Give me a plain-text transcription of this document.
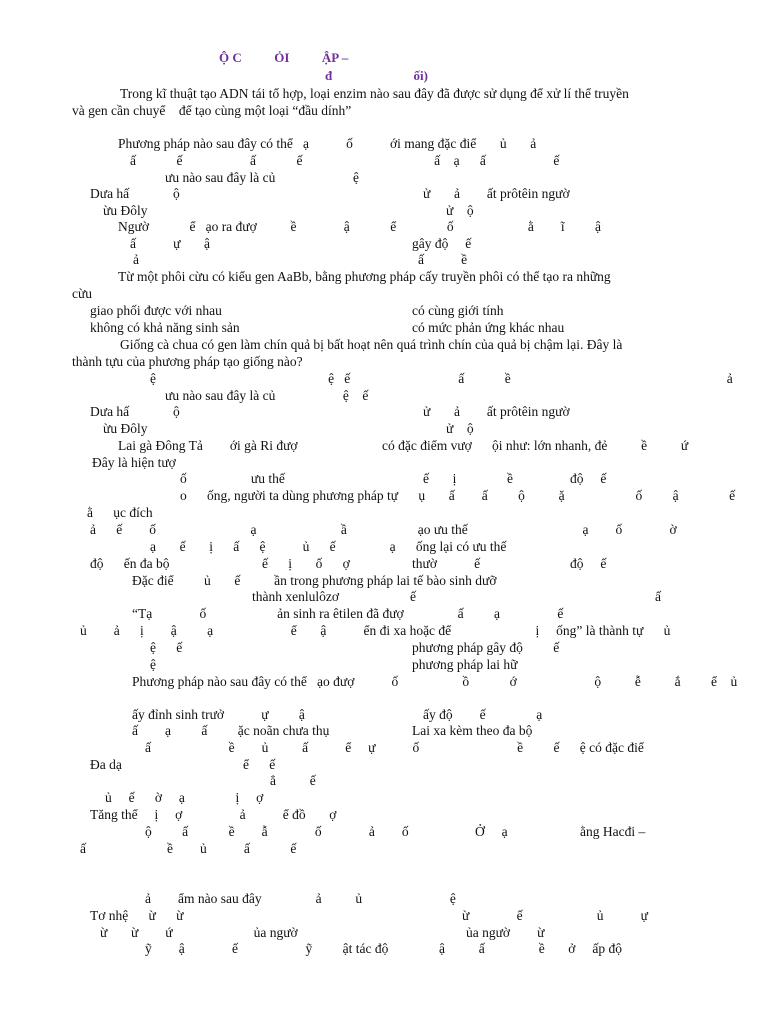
Ộ C          ỎI          ẬP –
đ                         ối)
Trong kĩ thuật tạo ADN tái tổ hợp, loại enzim nào sau đây đã được sử dụng để xử lí thể truyền
và gen cần chuyể    để tạo cùng một loại “đầu dính”
Phương pháp nào sau đây có thể   ạ           ố           ới mang đặc điể       ủ       ả
ấ            ế                    ấ            ế                                       ấ    ạ      ấ                    ế
ưu nào sau đây là củ                       ệ
Dưa hấ             ộ	ử       ả        ất prôtêin ngườ
ừu Đôly	ử    ộ
Ngườ            ể   ạo ra đượ          ề              ậ            ể               ố                      ằ        ĩ         ậ
ấ           ự       ậ	gây độ     ế
ả	ấ           ề
Từ một phôi cừu có kiểu gen AaBb, bằng phương pháp cấy truyền phôi có thể tạo ra những
cừu
giao phối được với nhau	có cùng giới tính
không có khả năng sinh sản	có mức phản ứng khác nhau
Giống cà chua có gen làm chín quả bị bất hoạt nên quá trình chín của quả bị chậm lại. Đây là
thành tựu của phương pháp tạo giống nào?
ệ                                                   ệ   ế                                ấ            ề                                                                ả
ưu nào sau đây là củ                    ệ    ế
Dưa hấ             ộ	ử       ả        ất prôtêin ngườ
ừu Đôly	ử    ộ
Lai gà Đông Tả        ới gà Ri đượ	có đặc điểm vượ      ội như: lớn nhanh, đẻ          ề          ứ
Đây là hiện tượ
ố                   ưu thế	ế       ị               ề	độ     ế
o      ống, người ta dùng phương pháp tự      ụ       ấ        ấ         ộ          ặ                     ố         ậ               ế
ằ      ục đích
ả      ế        ố                            ạ                         ầ                     ạo ưu thế                                  ạ        ố              ờ
ạ       ế       ị      ấ      ệ           ủ      ế                ạ      ống lại có ưu thế
độ      ến đa bộ	ế      ị       ố      ợ	thườ           ế	độ     ế
Đặc điể         ủ       ế          ần trong phương pháp lai tế bào sinh dưỡ
ế	ấ
thành xenlulôzơ
“Tạ              ố                     ản sinh ra êtilen đã đượ                ấ         ạ                 ế
ủ        ả      ị        ậ         ạ                       ể       ậ           ển đi xa hoặc để                         ị     ống” là thành tự      ủ
ệ      ế	phương pháp gây độ         ế
ệ	phương pháp lai hữ
Phương pháp nào sau đây có thể   ạo đượ           ố                   ồ            ớ                       ộ          ễ          ắ         ể    ủ
ấy đỉnh sinh trưở           ự         ậ	ấy độ        ế               ạ
ấ        ạ         ấ         ặc noãn chưa thụ	Lai xa kèm theo đa bộ
ấ                       ề        ủ          ấ           ể     ự           ố                             ề         ế      ệ có đặc điể
Đa dạ	ể      ế
ẳ          ế
ủ     ế      ờ     ạ               ị     ợ
Tăng thể     ị     ợ                 ả           ể đồ       ợ
ộ         ấ            ề        ẫ              ố              ả        ố	Ở     ạ	ằng Hacđi –
ấ                        ề        ủ           ấ            ế
ả        ẩm nào sau đây                ả          ủ                          ệ
Tơ nhệ      ừ      ừ	ừ              ế                      ủ           ự
ừ       ừ        ứ                        ủa ngườ	ủa ngườ        ừ
ỹ        ậ              ế                    ỹ         ật tác độ               ậ          ấ                ề       ở     ấp độ
